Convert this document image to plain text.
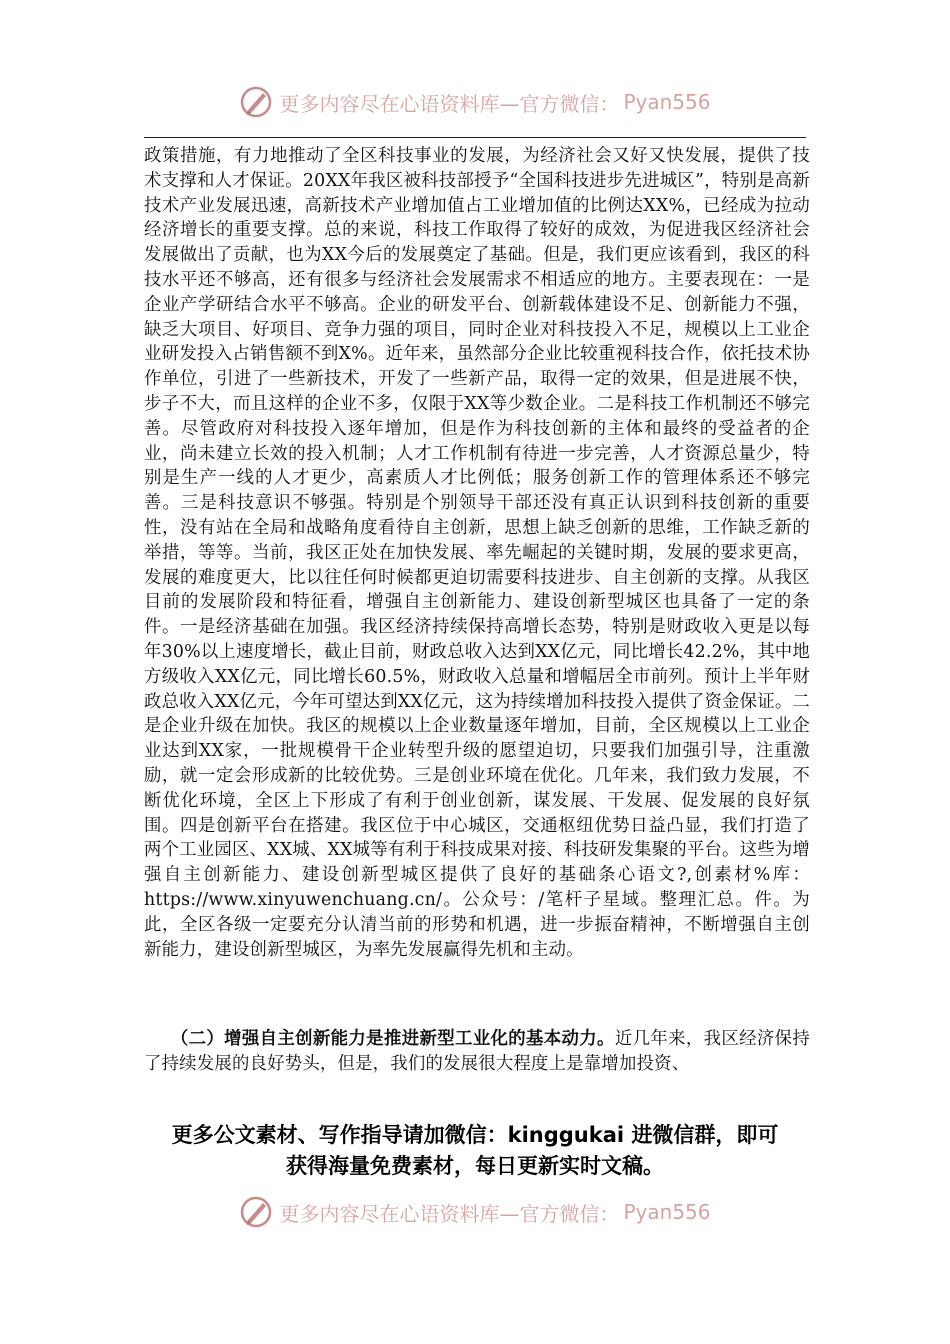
更多内容尽在心语资料库—官方微信： Pyan556

政策措施，有力地推动了全区科技事业的发展，为经济社会又好又快发展，提供了技术支撑和人才保证。20XX年我区被科技部授予“全国科技进步先进城区”，特别是高新技术产业发展迅速，高新技术产业增加值占工业增加值的比例达XX%，已经成为拉动经济增长的重要支撑。总的来说，科技工作取得了较好的成效，为促进我区经济社会发展做出了贡献，也为XX今后的发展奠定了基础。但是，我们更应该看到，我区的科技水平还不够高，还有很多与经济社会发展需求不相适应的地方。主要表现在：一是企业产学研结合水平不够高。企业的研发平台、创新载体建设不足、创新能力不强，缺乏大项目、好项目、竞争力强的项目，同时企业对科技投入不足，规模以上工业企业研发投入占销售额不到X%。近年来，虽然部分企业比较重视科技合作，依托技术协作单位，引进了一些新技术，开发了一些新产品，取得一定的效果，但是进展不快，步子不大，而且这样的企业不多，仅限于XX等少数企业。二是科技工作机制还不够完善。尽管政府对科技投入逐年增加，但是作为科技创新的主体和最终的受益者的企业，尚未建立长效的投入机制；人才工作机制有待进一步完善，人才资源总量少，特别是生产一线的人才更少，高素质人才比例低；服务创新工作的管理体系还不够完善。三是科技意识不够强。特别是个别领导干部还没有真正认识到科技创新的重要性，没有站在全局和战略角度看待自主创新，思想上缺乏创新的思维，工作缺乏新的举措，等等。当前，我区正处在加快发展、率先崛起的关键时期，发展的要求更高，发展的难度更大，比以往任何时候都更迫切需要科技进步、自主创新的支撑。从我区目前的发展阶段和特征看，增强自主创新能力、建设创新型城区也具备了一定的条件。一是经济基础在加强。我区经济持续保持高增长态势，特别是财政收入更是以每年30%以上速度增长，截止目前，财政总收入达到XX亿元，同比增长42.2%，其中地方级收入XX亿元，同比增长60.5%，财政收入总量和增幅居全市前列。预计上半年财政总收入XX亿元，今年可望达到XX亿元，这为持续增加科技投入提供了资金保证。二是企业升级在加快。我区的规模以上企业数量逐年增加，目前，全区规模以上工业企业达到XX家，一批规模骨干企业转型升级的愿望迫切，只要我们加强引导，注重激励，就一定会形成新的比较优势。三是创业环境在优化。几年来，我们致力发展，不断优化环境，全区上下形成了有利于创业创新，谋发展、干发展、促发展的良好氛围。四是创新平台在搭建。我区位于中心城区，交通枢纽优势日益凸显，我们打造了两个工业园区、XX城、XX城等有利于科技成果对接、科技研发集聚的平台。这些为增强自主创新能力、建设创新型城区提供了良好的基础条心语文?,创素材%库：https://www.xinyuwenchuang.cn/。公众号：/笔杆子星域。整理汇总。件。为此，全区各级一定要充分认清当前的形势和机遇，进一步振奋精神，不断增强自主创新能力，建设创新型城区，为率先发展赢得先机和主动。

　　（二）增强自主创新能力是推进新型工业化的基本动力。近几年来，我区经济保持了持续发展的良好势头，但是，我们的发展很大程度上是靠增加投资、

更多公文素材、写作指导请加微信：kinggukai 进微信群，即可
获得海量免费素材，每日更新实时文稿。
更多内容尽在心语资料库—官方微信： Pyan556
